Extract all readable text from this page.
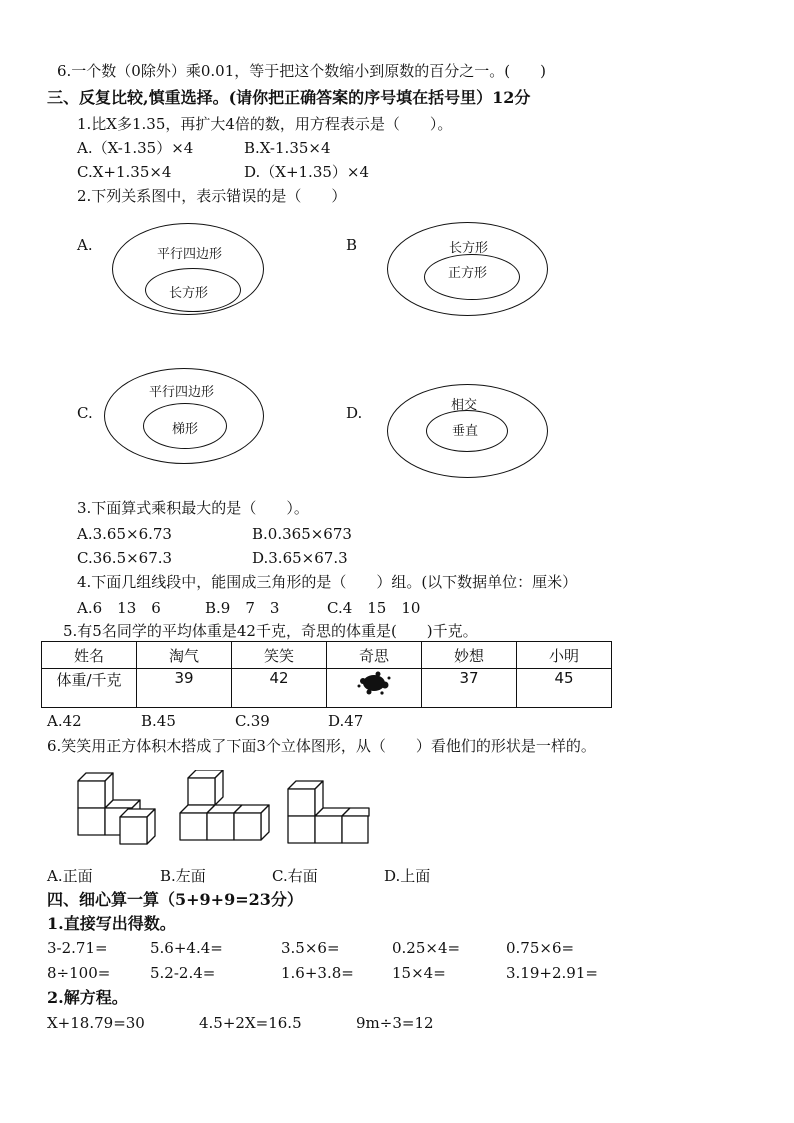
6.一个数（0除外）乘0.01，等于把这个数缩小到原数的百分之一。(　　)
三、反复比较,慎重选择。(请你把正确答案的序号填在括号里）12分
1.比X多1.35，再扩大4倍的数，用方程表示是（　　）。
A.（X-1.35）×4	B.X-1.35×4
C.X+1.35×4	D.（X+1.35）×4
2.下列关系图中，表示错误的是（　　）
A.
平行四边形
长方形
B	长方形
正方形
C.
平行四边形
梯形
D.	相交
垂直
3.下面算式乘积最大的是（　　）。
A.3.65×6.73	B.0.365×673
C.36.5×67.3	D.3.65×67.3
4.下面几组线段中，能围成三角形的是（　　）组。(以下数据单位：厘米）
A.6　13　6	B.9　7　3	C.4　15　10
5.有5名同学的平均体重是42千克，奇思的体重是(　　)千克。
姓名	淘气	笑笑	奇思	妙想	小明
体重/千克	39	42		37	45
A.42	B.45	C.39	D.47
6.笑笑用正方体积木搭成了下面3个立体图形，从（　　）看他们的形状是一样的。
A.正面	B.左面	C.右面	D.上面
四、细心算一算（5+9+9=23分）
1.直接写出得数。
3-2.71=	5.6+4.4=	3.5×6=	0.25×4=	0.75×6=
8÷100=	5.2-2.4=	1.6+3.8=	15×4=	3.19+2.91=
2.解方程。
X+18.79=30	4.5+2X=16.5	9m÷3=12
